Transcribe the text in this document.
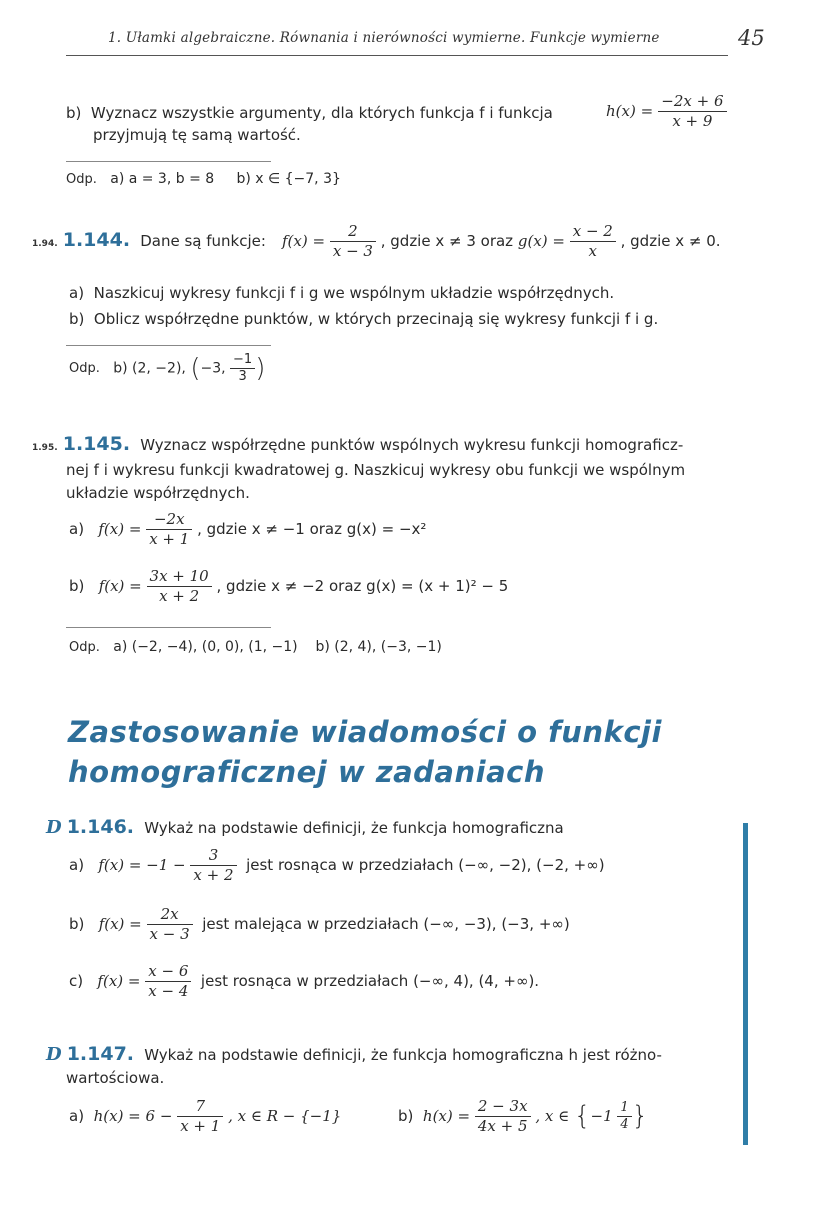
1. Ułamki algebraiczne. Równania i nierówności wymierne. Funkcje wymierne	45
b) Wyznacz wszystkie argumenty, dla których funkcja f i funkcja	$h(x) = \frac{-2x + 6}{x + 9}$
przyjmują tę samą wartość.
Odp. a) a = 3, b = 8 b) x ∈ {−7, 3}
1.94. 1.144. Dane są funkcje: $f(x) = \frac{2}{x - 3}$ , gdzie x ≠ 3 oraz $g(x) = \frac{x - 2}{x}$ , gdzie x ≠ 0.
a) Naszkicuj wykresy funkcji f i g we wspólnym układzie współrzędnych.
b) Oblicz współrzędne punktów, w których przecinają się wykresy funkcji f i g.
Odp. b) (2, −2), (−3, $\frac{-1}{3}$ )
1.95. 1.145. Wyznacz współrzędne punktów wspólnych wykresu funkcji homograficz-
nej f i wykresu funkcji kwadratowej g. Naszkicuj wykresy obu funkcji we wspólnym
układzie współrzędnych.
a) $f(x) = \frac{-2x}{x + 1}$ , gdzie x ≠ −1 oraz g(x) = −x²
b) $f(x) = \frac{3x + 10}{x + 2}$ , gdzie x ≠ −2 oraz g(x) = (x + 1)² − 5
Odp. a) (−2, −4), (0, 0), (1, −1) b) (2, 4), (−3, −1)
Zastosowanie wiadomości o funkcji
homograficznej w zadaniach
D 1.146. Wykaż na podstawie definicji, że funkcja homograficzna
a) $f(x) = -1 - \frac{3}{x + 2}$ jest rosnąca w przedziałach (−∞, −2), (−2, +∞)
b) $f(x) = \frac{2x}{x - 3}$ jest malejąca w przedziałach (−∞, −3), (−3, +∞)
c) $f(x) = \frac{x - 6}{x - 4}$ jest rosnąca w przedziałach (−∞, 4), (4, +∞).
D 1.147. Wykaż na podstawie definicji, że funkcja homograficzna h jest różno-
wartościowa.
a) $h(x) = 6 - \frac{7}{x + 1}$ , x ∈ R − {−1}	b) $h(x) = \frac{2 - 3x}{4x + 5}$ , x ∈ {$-1 \frac{1}{4}$ }
